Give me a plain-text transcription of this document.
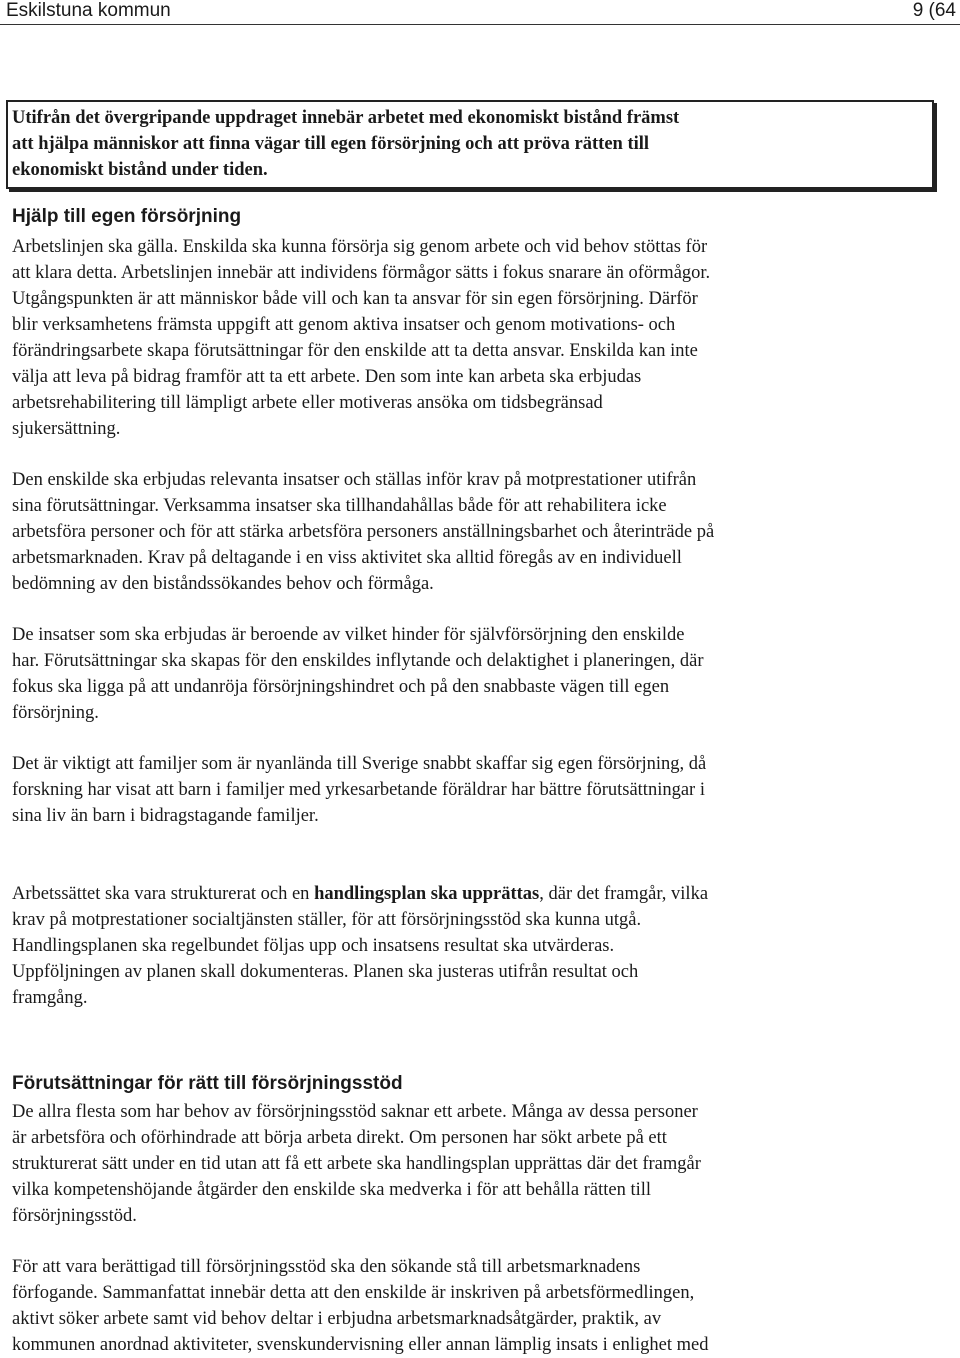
Eskilstuna kommun	9 (64
Utifrån det övergripande uppdraget innebär arbetet med ekonomiskt bistånd främst
att hjälpa människor att finna vägar till egen försörjning och att pröva rätten till
ekonomiskt bistånd under tiden.
Hjälp till egen försörjning

Arbetslinjen ska gälla. Enskilda ska kunna försörja sig genom arbete och vid behov stöttas för
att klara detta. Arbetslinjen innebär att individens förmågor sätts i fokus snarare än oförmågor.
Utgångspunkten är att människor både vill och kan ta ansvar för sin egen försörjning. Därför
blir verksamhetens främsta uppgift att genom aktiva insatser och genom motivations- och
förändringsarbete skapa förutsättningar för den enskilde att ta detta ansvar. Enskilda kan inte
välja att leva på bidrag framför att ta ett arbete. Den som inte kan arbeta ska erbjudas
arbetsrehabilitering till lämpligt arbete eller motiveras ansöka om tidsbegränsad
sjukersättning.

Den enskilde ska erbjudas relevanta insatser och ställas inför krav på motprestationer utifrån
sina förutsättningar. Verksamma insatser ska tillhandahållas både för att rehabilitera icke
arbetsföra personer och för att stärka arbetsföra personers anställningsbarhet och återinträde på
arbetsmarknaden. Krav på deltagande i en viss aktivitet ska alltid föregås av en individuell
bedömning av den biståndssökandes behov och förmåga.

De insatser som ska erbjudas är beroende av vilket hinder för självförsörjning den enskilde
har. Förutsättningar ska skapas för den enskildes inflytande och delaktighet i planeringen, där
fokus ska ligga på att undanröja försörjningshindret och på den snabbaste vägen till egen
försörjning.

Det är viktigt att familjer som är nyanlända till Sverige snabbt skaffar sig egen försörjning, då
forskning har visat att barn i familjer med yrkesarbetande föräldrar har bättre förutsättningar i
sina liv än barn i bidragstagande familjer.

Arbetssättet ska vara strukturerat och en handlingsplan ska upprättas, där det framgår, vilka
krav på motprestationer socialtjänsten ställer, för att försörjningsstöd ska kunna utgå.
Handlingsplanen ska regelbundet följas upp och insatsens resultat ska utvärderas.
Uppföljningen av planen skall dokumenteras. Planen ska justeras utifrån resultat och
framgång.

Förutsättningar för rätt till försörjningsstöd

De allra flesta som har behov av försörjningsstöd saknar ett arbete. Många av dessa personer
är arbetsföra och oförhindrade att börja arbeta direkt. Om personen har sökt arbete på ett
strukturerat sätt under en tid utan att få ett arbete ska handlingsplan upprättas där det framgår
vilka kompetenshöjande åtgärder den enskilde ska medverka i för att behålla rätten till
försörjningsstöd.

För att vara berättigad till försörjningsstöd ska den sökande stå till arbetsmarknadens
förfogande. Sammanfattat innebär detta att den enskilde är inskriven på arbetsförmedlingen,
aktivt söker arbete samt vid behov deltar i erbjudna arbetsmarknadsåtgärder, praktik, av
kommunen anordnad aktiviteter, svenskundervisning eller annan lämplig insats i enlighet med
